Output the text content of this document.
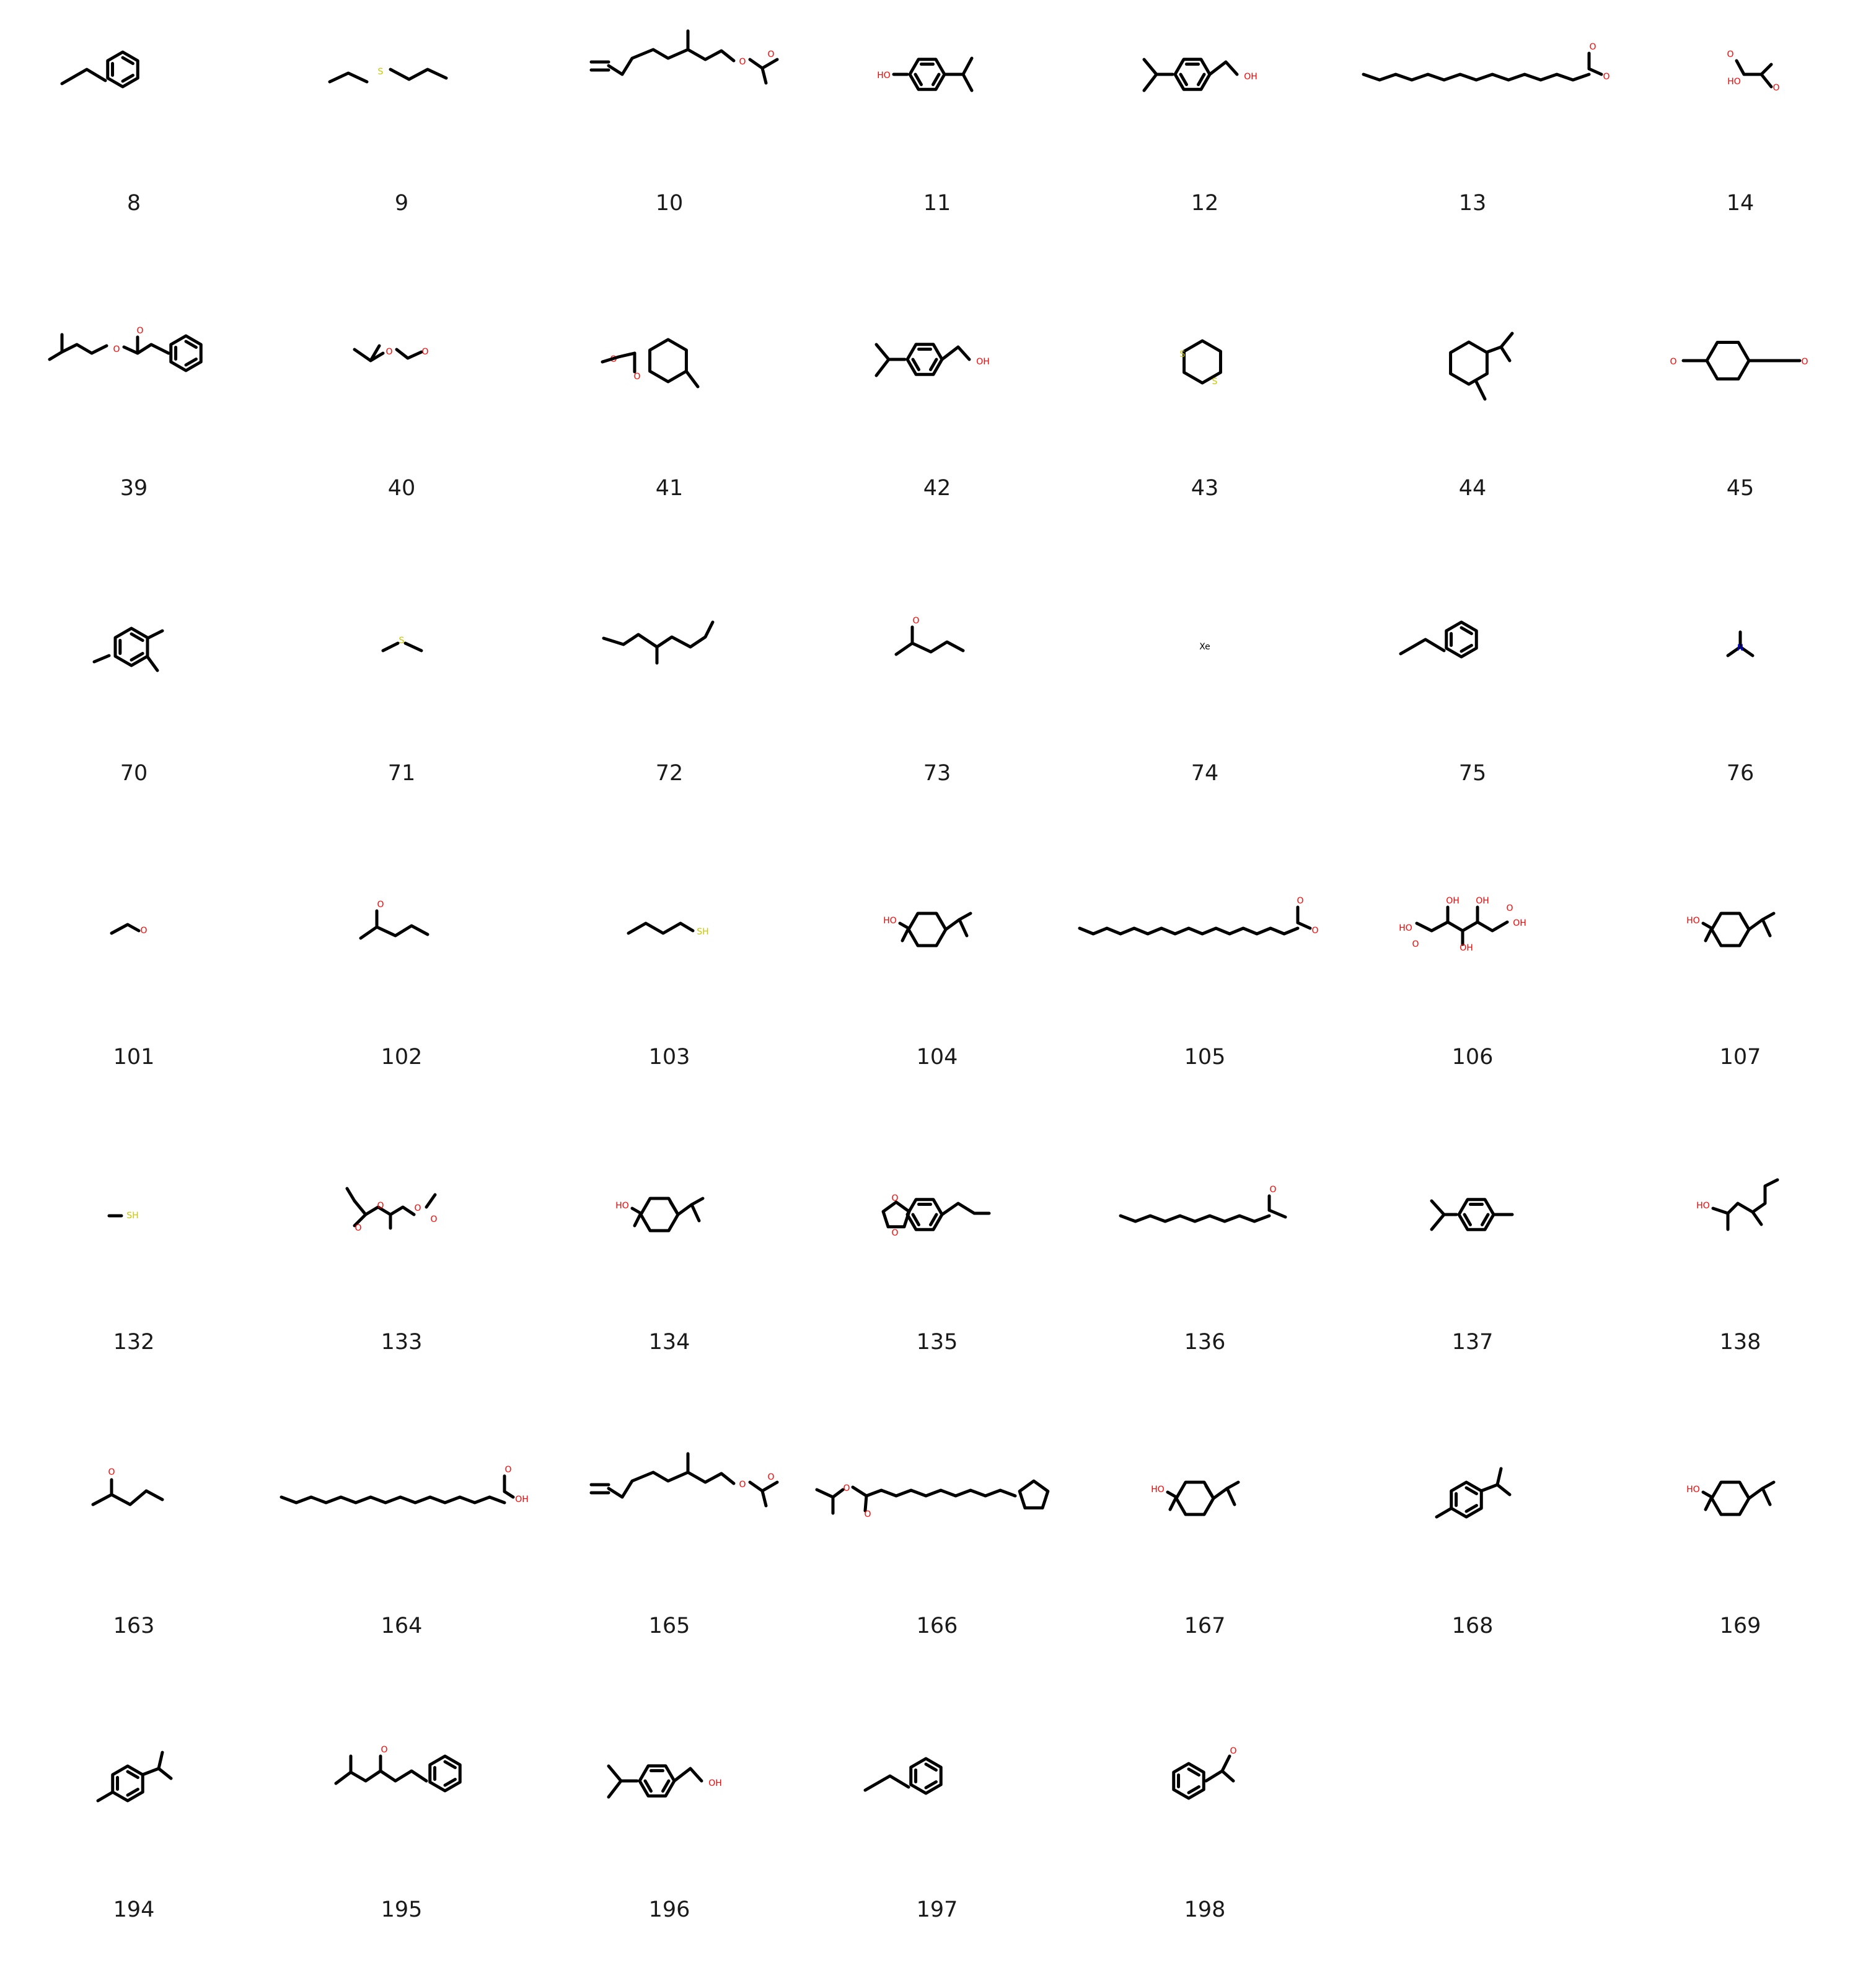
8
S
9
O
O
10
HO
11
OH
12
O
O
13
O
O
HO
14
O
O
39
O	O
40
O
O
41
OH
42
S
S
43	44
O	O
45
70
S
71	72
O
73
Xe
74	75
N
76
O
101
O
102
SH
103
HO
104
O
O
105
HO
O
OH OH
OH
OH
O
106
HO
107
SH
132
O
O	O
O
133
HO
134
O
O
135
O
136	137
HO
138
O
163
O
OH
164
O
O
165
O
O
166
HO
167	168
HO
169
194
O
195
OH
196	197
O
198
